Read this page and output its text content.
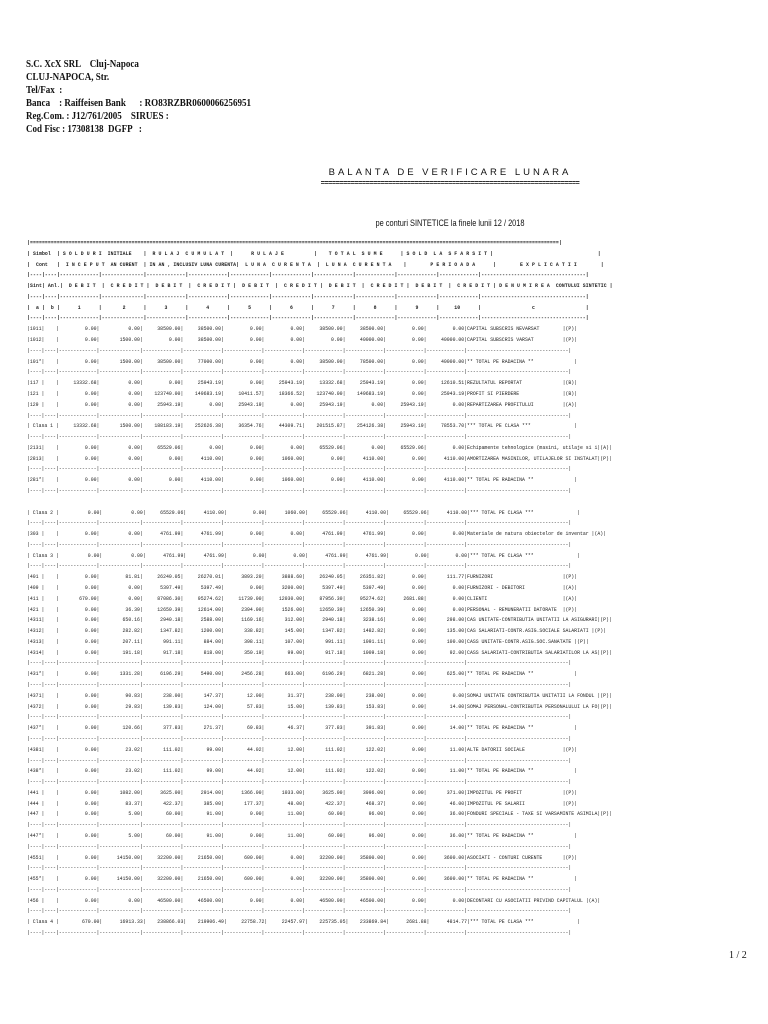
S.C. XcX SRL    Cluj-Napoca
CLUJ-NAPOCA, Str.
Tel/Fax  :
Banca    : Raiffeisen Bank      : RO83RZBR0600066256951
Reg.Com. : J12/761/2005    SIRUES :
Cod Fisc : 17308138  DGFP   :
BALANTA DE VERIFICARE LUNARA
=====================================================================
pe conturi SINTETICE la finele lunii 12 / 2018
|=================================================================================================================================================================================|
| Simbol  | S O L D U R I  INITIALE    |  R U L A J  C U M U L A T  |      R U L A J E          |    T O T A L  S U M E      | S O L D  L A  S F A R S I T |                                   |
|  Cont   |  I N C E P U T  AN CURENT  | IN AN , INCLUSIV LUNA CURENTA|  L U N A  C U R E N T A  |  L U N A  C U R E N T A    |        P E R I O A D A      |        E X P L I C A T I I        |
|----|----|-------------|--------------|-------------|-------------|-------------|-------------|-------------|-------------|-------------|-------------|-----------------------------------|
|Sint| Anl.|  D E B I T  |  C R E D I T |  D E B I T  |  C R E D I T |  D E B I T  |  C R E D I T |  D E B I T  |  C R E D I T |  D E B I T  |  C R E D I T | D E N U M I R E A  CONTULUI SINTETIC |
|----|----|-------------|--------------|-------------|-------------|-------------|-------------|-------------|-------------|-------------|-------------|-----------------------------------|
|  a |  b |      1      |       2      |      3      |      4      |      5      |      6      |      7      |      8      |      9      |     10      |                 c                 |
|----|----|-------------|--------------|-------------|-------------|-------------|-------------|-------------|-------------|-------------|-------------|-----------------------------------|
|1011|    |         0.00|          0.00|     38500.00|     38500.00|         0.00|         0.00|     38500.00|     38500.00|         0.00|         0.00|CAPITAL SUBSCRIS NEVARSAT        |(P)|
|1012|    |         0.00|       1500.00|         0.00|     38500.00|         0.00|         0.00|         0.00|     40000.00|         0.00|     40000.00|CAPITAL SUBSCRIS VARSAT          |(P)|
|----|----|-------------|--------------|-------------|-------------|-------------|-------------|-------------|-------------|-------------|-------------|-----------------------------------|
|101*|    |         0.00|       1500.00|     38500.00|     77000.00|         0.00|         0.00|     38500.00|     78500.00|         0.00|     40000.00|** TOTAL PE RADACINA **              |
|----|----|-------------|--------------|-------------|-------------|-------------|-------------|-------------|-------------|-------------|-------------|-----------------------------------|
|117 |    |     13332.68|          0.00|         0.00|     25943.19|         0.00|     25943.19|     13332.68|     25943.19|         0.00|     12610.51|REZULTATUL REPORTAT              |(B)|
|121 |    |         0.00|          0.00|    123740.00|    149683.19|     10411.57|     18366.52|    123740.00|    149683.19|         0.00|     25943.19|PROFIT SI PIERDERE               |(B)|
|129 |    |         0.00|          0.00|     25943.19|         0.00|     25943.19|         0.00|     25943.19|         0.00|     25943.19|         0.00|REPARTIZAREA PROFITULUI          |(A)|
|----|----|-------------|--------------|-------------|-------------|-------------|-------------|-------------|-------------|-------------|-------------|-----------------------------------|
| Clasa 1 |     13332.68|       1500.00|    188183.19|    252626.38|     36354.76|     44309.71|    201515.87|    254126.38|     25943.19|     78553.70|*** TOTAL PE CLASA ***               |
|----|----|-------------|--------------|-------------|-------------|-------------|-------------|-------------|-------------|-------------|-------------|-----------------------------------|
|2131|    |         0.00|          0.00|     65529.06|         0.00|         0.00|         0.00|     65529.06|         0.00|     65529.06|         0.00|Echipamente tehnologice (masini, utilaje si i|(A)|
|2813|    |         0.00|          0.00|         0.00|      4110.00|         0.00|      1060.00|         0.00|      4110.00|         0.00|      4110.00|AMORTIZAREA MASINILOR, UTILAJELOR SI INSTALAT|(P)|
|----|----|-------------|--------------|-------------|-------------|-------------|-------------|-------------|-------------|-------------|-------------|-----------------------------------|
|281*|    |         0.00|          0.00|         0.00|      4110.00|         0.00|      1060.00|         0.00|      4110.00|         0.00|      4110.00|** TOTAL PE RADACINA **              |
|----|----|-------------|--------------|-------------|-------------|-------------|-------------|-------------|-------------|-------------|-------------|-----------------------------------|
| Clasa 2 |          0.00|          0.00|     65529.06|      4110.00|         0.00|      1060.00|     65529.06|      4110.00|     65529.06|      4110.00|*** TOTAL PE CLASA ***               |
|----|----|-------------|--------------|-------------|-------------|-------------|-------------|-------------|-------------|-------------|-------------|-----------------------------------|
|303 |    |         0.00|          0.00|      4761.99|      4761.99|         0.00|         0.00|      4761.99|      4761.99|         0.00|         0.00|Materiale de natura obiectelor de inventar |(A)|
|----|----|-------------|--------------|-------------|-------------|-------------|-------------|-------------|-------------|-------------|-------------|-----------------------------------|
| Clasa 3 |          0.00|          0.00|      4761.99|      4761.99|         0.00|         0.00|      4761.99|      4761.99|         0.00|         0.00|*** TOTAL PE CLASA ***               |
|----|----|-------------|--------------|-------------|-------------|-------------|-------------|-------------|-------------|-------------|-------------|-----------------------------------|
|401 |    |         0.00|         81.81|     26240.05|     26270.01|      3893.20|      3888.60|     26240.05|     26351.82|         0.00|       111.77|FURNIZORI                        |(P)|
|409 |    |         0.00|          0.00|      5397.49|      5397.49|         0.00|      3200.00|      5397.49|      5397.49|         0.00|         0.00|FURNIZORI - DEBITORI             |(A)|
|411 |    |       670.00|          0.00|     87086.30|     95274.62|     11739.00|     12030.00|     87956.30|     95274.62|      2681.88|         0.00|CLIENTI                          |(A)|
|421 |    |         0.00|         36.39|     12650.39|     12614.00|      2394.00|      1526.00|     12650.39|     12650.39|         0.00|         0.00|PERSONAL - REMUNERATII DATORATE  |(P)|
|4311|    |         0.00|        650.16|      2940.18|      2588.00|      1169.16|       312.00|      2940.18|      3238.16|         0.00|       298.00|CAS UNITATE-CONTRIBUTIA UNITATII LA ASIGURARI|(P)|
|4312|    |         0.00|        282.82|      1347.82|      1200.00|       338.82|       145.00|      1347.82|      1482.82|         0.00|       135.00|CAS SALARIATI-CONTR.ASIG.SOCIALE SALARIATI |(P)|
|4313|    |         0.00|        207.11|       991.11|       884.00|       398.11|       107.00|       991.11|      1091.11|         0.00|       100.00|CASS UNITATE-CONTR.ASIG.SOC.SANATATE |(P)|
|4314|    |         0.00|        191.18|       917.18|       818.00|       350.19|        99.00|       917.18|      1009.18|         0.00|        92.00|CASS SALARIATI-CONTRIBUTIA SALARIATILOR LA AS|(P)|
|----|----|-------------|--------------|-------------|-------------|-------------|-------------|-------------|-------------|-------------|-------------|-----------------------------------|
|431*|    |         0.00|       1331.28|      6196.29|      5490.00|      2456.28|       663.00|      6196.29|      6821.28|         0.00|       625.00|** TOTAL PE RADACINA **              |
|----|----|-------------|--------------|-------------|-------------|-------------|-------------|-------------|-------------|-------------|-------------|-----------------------------------|
|4371|    |         0.00|         90.83|       238.00|       147.37|        12.00|        31.37|       238.00|       238.00|         0.00|         0.00|SOMAJ UNITATE CONTRIBUTIA UNITATII LA FONDUL |(P)|
|4372|    |         0.00|         29.83|       139.83|       124.00|        57.83|        15.00|       139.83|       153.83|         0.00|        14.00|SOMAJ PERSONAL-CONTRIBUTIA PERSONALULUI LA FO|(P)|
|----|----|-------------|--------------|-------------|-------------|-------------|-------------|-------------|-------------|-------------|-------------|-----------------------------------|
|437*|    |         0.00|        120.66|       377.83|       271.37|        69.83|        46.37|       377.83|       391.83|         0.00|        14.00|** TOTAL PE RADACINA **              |
|----|----|-------------|--------------|-------------|-------------|-------------|-------------|-------------|-------------|-------------|-------------|-----------------------------------|
|4381|    |         0.00|         23.02|       111.02|        99.00|        44.02|        12.00|       111.02|       122.02|         0.00|        11.00|ALTE DATORII SOCIALE             |(P)|
|----|----|-------------|--------------|-------------|-------------|-------------|-------------|-------------|-------------|-------------|-------------|-----------------------------------|
|438*|    |         0.00|         23.02|       111.02|        99.00|        44.02|        12.00|       111.02|       122.02|         0.00|        11.00|** TOTAL PE RADACINA **              |
|----|----|-------------|--------------|-------------|-------------|-------------|-------------|-------------|-------------|-------------|-------------|-----------------------------------|
|441 |    |         0.00|       1082.00|      3625.00|      2914.00|      1366.00|      1033.00|      3625.00|      3996.00|         0.00|       371.00|IMPOZITUL PE PROFIT              |(P)|
|444 |    |         0.00|         83.37|       422.37|       385.00|       177.37|        48.00|       422.37|       468.37|         0.00|        46.00|IMPOZITUL PE SALARII             |(P)|
|447 |    |         0.00|          5.00|        60.00|        91.00|         0.00|        11.00|        60.00|        96.00|         0.00|        36.00|FONDURI SPECIALE - TAXE SI VARSAMINTE ASIMILA|(P)|
|----|----|-------------|--------------|-------------|-------------|-------------|-------------|-------------|-------------|-------------|-------------|-----------------------------------|
|447*|    |         0.00|          5.00|        60.00|        91.00|         0.00|        11.00|        60.00|        96.00|         0.00|        36.00|** TOTAL PE RADACINA **              |
|----|----|-------------|--------------|-------------|-------------|-------------|-------------|-------------|-------------|-------------|-------------|-----------------------------------|
|4551|    |         0.00|      14150.00|     32200.00|     21650.00|       600.00|         0.00|     32200.00|     35800.00|         0.00|      3600.00|ASOCIATI - CONTURI CURENTE       |(P)|
|----|----|-------------|--------------|-------------|-------------|-------------|-------------|-------------|-------------|-------------|-------------|-----------------------------------|
|455*|    |         0.00|      14150.00|     32200.00|     21650.00|       600.00|         0.00|     32200.00|     35800.00|         0.00|      3600.00|** TOTAL PE RADACINA **              |
|----|----|-------------|--------------|-------------|-------------|-------------|-------------|-------------|-------------|-------------|-------------|-----------------------------------|
|456 |    |         0.00|          0.00|     46500.00|     46500.00|         0.00|         0.00|     46500.00|     46500.00|         0.00|         0.00|DECONTARI CU ASOCIATII PRIVIND CAPITALUL |(A)|
|----|----|-------------|--------------|-------------|-------------|-------------|-------------|-------------|-------------|-------------|-------------|-----------------------------------|
| Clasa 4 |        670.00|      16913.33|    238866.03|    219906.49|     22758.72|     22457.97|    225735.05|    233869.84|      2681.88|      4814.77|*** TOTAL PE CLASA ***               |
|----|----|-------------|--------------|-------------|-------------|-------------|-------------|-------------|-------------|-------------|-------------|-----------------------------------|
1 / 2
